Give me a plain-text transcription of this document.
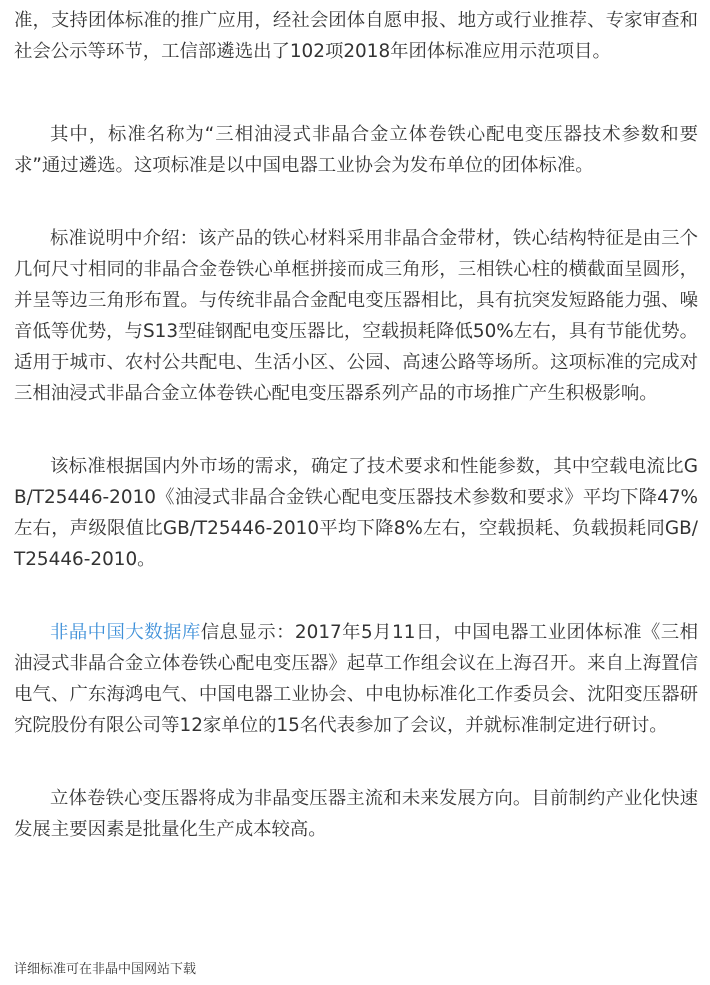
准，支持团体标准的推广应用，经社会团体自愿申报、地方或行业推荐、专家审查和社会公示等环节，工信部遴选出了102项2018年团体标准应用示范项目。

其中，标准名称为“三相油浸式非晶合金立体卷铁心配电变压器技术参数和要求”通过遴选。这项标准是以中国电器工业协会为发布单位的团体标准。

标准说明中介绍：该产品的铁心材料采用非晶合金带材，铁心结构特征是由三个几何尺寸相同的非晶合金卷铁心单框拼接而成三角形，三相铁心柱的横截面呈圆形，并呈等边三角形布置。与传统非晶合金配电变压器相比，具有抗突发短路能力强、噪音低等优势，与S13型硅钢配电变压器比，空载损耗降低50%左右，具有节能优势。适用于城市、农村公共配电、生活小区、公园、高速公路等场所。这项标准的完成对三相油浸式非晶合金立体卷铁心配电变压器系列产品的市场推广产生积极影响。

该标准根据国内外市场的需求，确定了技术要求和性能参数，其中空载电流比GB/T25446-2010《油浸式非晶合金铁心配电变压器技术参数和要求》平均下降47%左右，声级限值比GB/T25446-2010平均下降8%左右，空载损耗、负载损耗同GB/T25446-2010。

非晶中国大数据库信息显示：2017年5月11日，中国电器工业团体标准《三相油浸式非晶合金立体卷铁心配电变压器》起草工作组会议在上海召开。来自上海置信电气、广东海鸿电气、中国电器工业协会、中电协标准化工作委员会、沈阳变压器研究院股份有限公司等12家单位的15名代表参加了会议，并就标准制定进行研讨。

立体卷铁心变压器将成为非晶变压器主流和未来发展方向。目前制约产业化快速发展主要因素是批量化生产成本较高。

详细标准可在非晶中国网站下载
